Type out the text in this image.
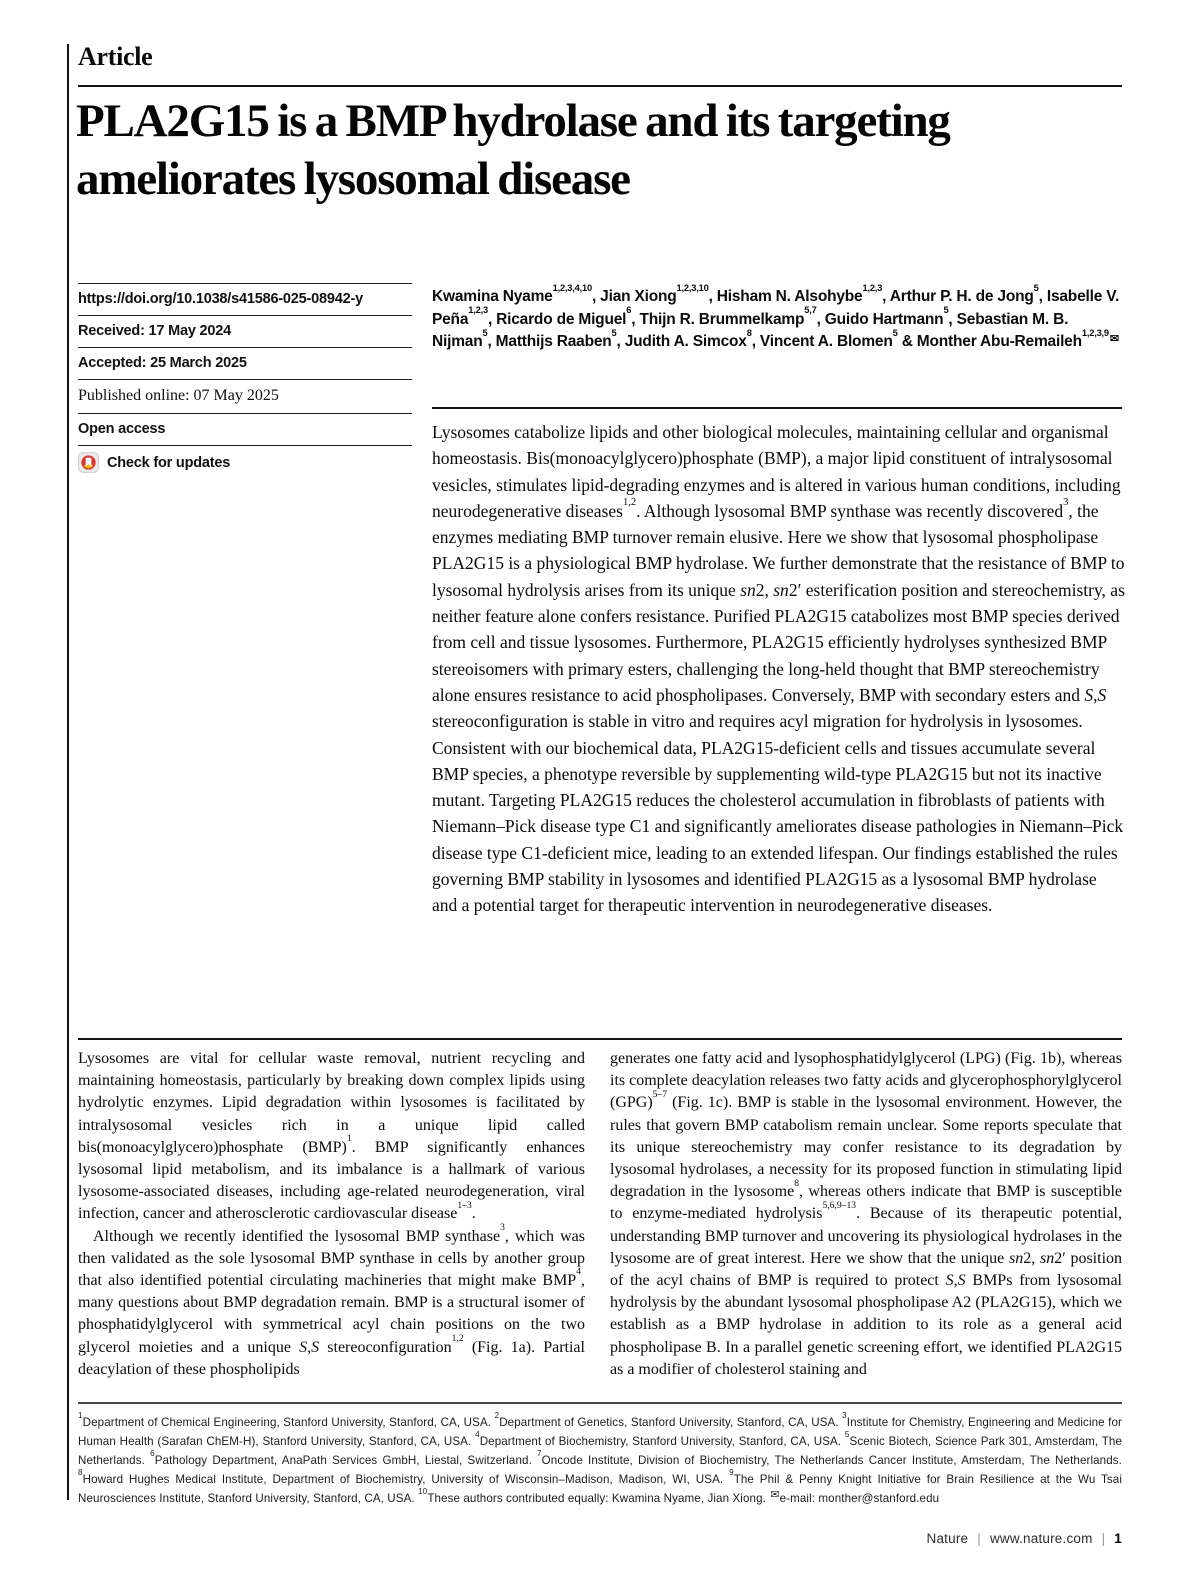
Article
PLA2G15 is a BMP hydrolase and its targeting
ameliorates lysosomal disease
https://doi.org/10.1038/s41586-025-08942-y
Received: 17 May 2024
Accepted: 25 March 2025
Published online: 07 May 2025
Open access
Check for updates
Kwamina Nyame$^{1,2,3,4,10}$, Jian Xiong$^{1,2,3,10}$, Hisham N. Alsohybe$^{1,2,3}$, Arthur P. H. de Jong$^5$, Isabelle V. Peña$^{1,2,3}$, Ricardo de Miguel$^6$, Thijn R. Brummelkamp$^{5,7}$, Guido Hartmann$^5$, Sebastian M. B. Nijman$^5$, Matthijs Raaben$^5$, Judith A. Simcox$^8$, Vincent A. Blomen$^5$ & Monther Abu-Remaileh$^{1,2,3,9✉}$
Lysosomes catabolize lipids and other biological molecules, maintaining cellular and organismal homeostasis. Bis(monoacylglycero)phosphate (BMP), a major lipid constituent of intralysosomal vesicles, stimulates lipid-degrading enzymes and is altered in various human conditions, including neurodegenerative diseases$^{1,2}$. Although lysosomal BMP synthase was recently discovered$^3$, the enzymes mediating BMP turnover remain elusive. Here we show that lysosomal phospholipase PLA2G15 is a physiological BMP hydrolase. We further demonstrate that the resistance of BMP to lysosomal hydrolysis arises from its unique sn2, sn2′ esterification position and stereochemistry, as neither feature alone confers resistance. Purified PLA2G15 catabolizes most BMP species derived from cell and tissue lysosomes. Furthermore, PLA2G15 efficiently hydrolyses synthesized BMP stereoisomers with primary esters, challenging the long-held thought that BMP stereochemistry alone ensures resistance to acid phospholipases. Conversely, BMP with secondary esters and S,S stereoconfiguration is stable in vitro and requires acyl migration for hydrolysis in lysosomes. Consistent with our biochemical data, PLA2G15-deficient cells and tissues accumulate several BMP species, a phenotype reversible by supplementing wild-type PLA2G15 but not its inactive mutant. Targeting PLA2G15 reduces the cholesterol accumulation in fibroblasts of patients with Niemann–Pick disease type C1 and significantly ameliorates disease pathologies in Niemann–Pick disease type C1-deficient mice, leading to an extended lifespan. Our findings established the rules governing BMP stability in lysosomes and identified PLA2G15 as a lysosomal BMP hydrolase and a potential target for therapeutic intervention in neurodegenerative diseases.

Lysosomes are vital for cellular waste removal, nutrient recycling and maintaining homeostasis, particularly by breaking down complex lipids using hydrolytic enzymes. Lipid degradation within lysosomes is facilitated by intralysosomal vesicles rich in a unique lipid called bis(monoacylglycero)phosphate (BMP)$^1$. BMP significantly enhances lysosomal lipid metabolism, and its imbalance is a hallmark of various lysosome-associated diseases, including age-related neurodegeneration, viral infection, cancer and atherosclerotic cardiovascular disease$^{1-3}$.

Although we recently identified the lysosomal BMP synthase$^3$, which was then validated as the sole lysosomal BMP synthase in cells by another group that also identified potential circulating machineries that might make BMP$^4$, many questions about BMP degradation remain. BMP is a structural isomer of phosphatidylglycerol with symmetrical acyl chain positions on the two glycerol moieties and a unique S,S stereoconfiguration$^{1,2}$ (Fig. 1a). Partial deacylation of these phospholipids

generates one fatty acid and lysophosphatidylglycerol (LPG) (Fig. 1b), whereas its complete deacylation releases two fatty acids and glycerophosphorylglycerol (GPG)$^{5-7}$ (Fig. 1c). BMP is stable in the lysosomal environment. However, the rules that govern BMP catabolism remain unclear. Some reports speculate that its unique stereochemistry may confer resistance to its degradation by lysosomal hydrolases, a necessity for its proposed function in stimulating lipid degradation in the lysosome$^8$, whereas others indicate that BMP is susceptible to enzyme-mediated hydrolysis$^{5,6,9-13}$. Because of its therapeutic potential, understanding BMP turnover and uncovering its physiological hydrolases in the lysosome are of great interest. Here we show that the unique sn2, sn2′ position of the acyl chains of BMP is required to protect S,S BMPs from lysosomal hydrolysis by the abundant lysosomal phospholipase A2 (PLA2G15), which we establish as a BMP hydrolase in addition to its role as a general acid phospholipase B. In a parallel genetic screening effort, we identified PLA2G15 as a modifier of cholesterol staining and

$^1$Department of Chemical Engineering, Stanford University, Stanford, CA, USA. $^2$Department of Genetics, Stanford University, Stanford, CA, USA. $^3$Institute for Chemistry, Engineering and Medicine for Human Health (Sarafan ChEM-H), Stanford University, Stanford, CA, USA. $^4$Department of Biochemistry, Stanford University, Stanford, CA, USA. $^5$Scenic Biotech, Science Park 301, Amsterdam, The Netherlands. $^6$Pathology Department, AnaPath Services GmbH, Liestal, Switzerland. $^7$Oncode Institute, Division of Biochemistry, The Netherlands Cancer Institute, Amsterdam, The Netherlands. $^8$Howard Hughes Medical Institute, Department of Biochemistry, University of Wisconsin–Madison, Madison, WI, USA. $^9$The Phil & Penny Knight Initiative for Brain Resilience at the Wu Tsai Neurosciences Institute, Stanford University, Stanford, CA, USA. $^{10}$These authors contributed equally: Kwamina Nyame, Jian Xiong. ✉e-mail: monther@stanford.edu
Nature | www.nature.com | 1
